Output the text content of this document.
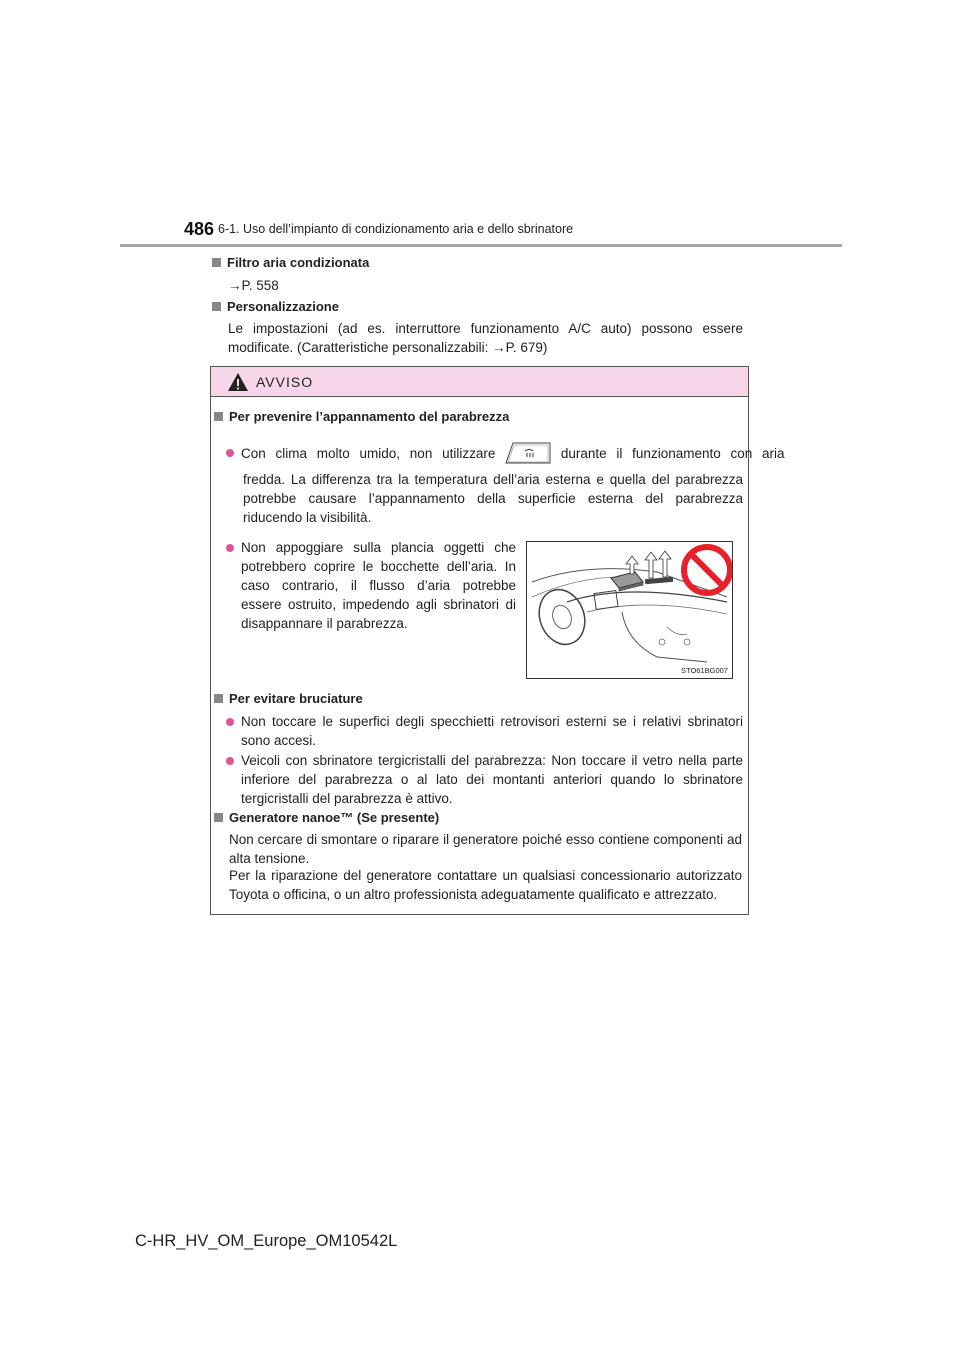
486 6-1. Uso dell’impianto di condizionamento aria e dello sbrinatore
Filtro aria condizionata
→P. 558
Personalizzazione
Le impostazioni (ad es. interruttore funzionamento A/C auto) possono essere modificate. (Caratteristiche personalizzabili: →P. 679)
AVVISO
Per prevenire l’appannamento del parabrezza
Con clima molto umido, non utilizzare	durante il funzionamento con aria
fredda. La differenza tra la temperatura dell’aria esterna e quella del parabrezza potrebbe causare l’appannamento della superficie esterna del parabrezza riducendo la visibilità.
Non appoggiare sulla plancia oggetti che potrebbero coprire le bocchette dell’aria. In caso contrario, il flusso d’aria potrebbe essere ostruito, impedendo agli sbrinatori di disappannare il parabrezza.
STO61BG007
Per evitare bruciature
Non toccare le superfici degli specchietti retrovisori esterni se i relativi sbrinatori sono accesi.
Veicoli con sbrinatore tergicristalli del parabrezza: Non toccare il vetro nella parte inferiore del parabrezza o al lato dei montanti anteriori quando lo sbrinatore tergicristalli del parabrezza è attivo.
Generatore nanoe™ (Se presente)
Non cercare di smontare o riparare il generatore poiché esso contiene componenti ad alta tensione.
Per la riparazione del generatore contattare un qualsiasi concessionario autorizzato Toyota o officina, o un altro professionista adeguatamente qualificato e attrezzato.
C-HR_HV_OM_Europe_OM10542L
